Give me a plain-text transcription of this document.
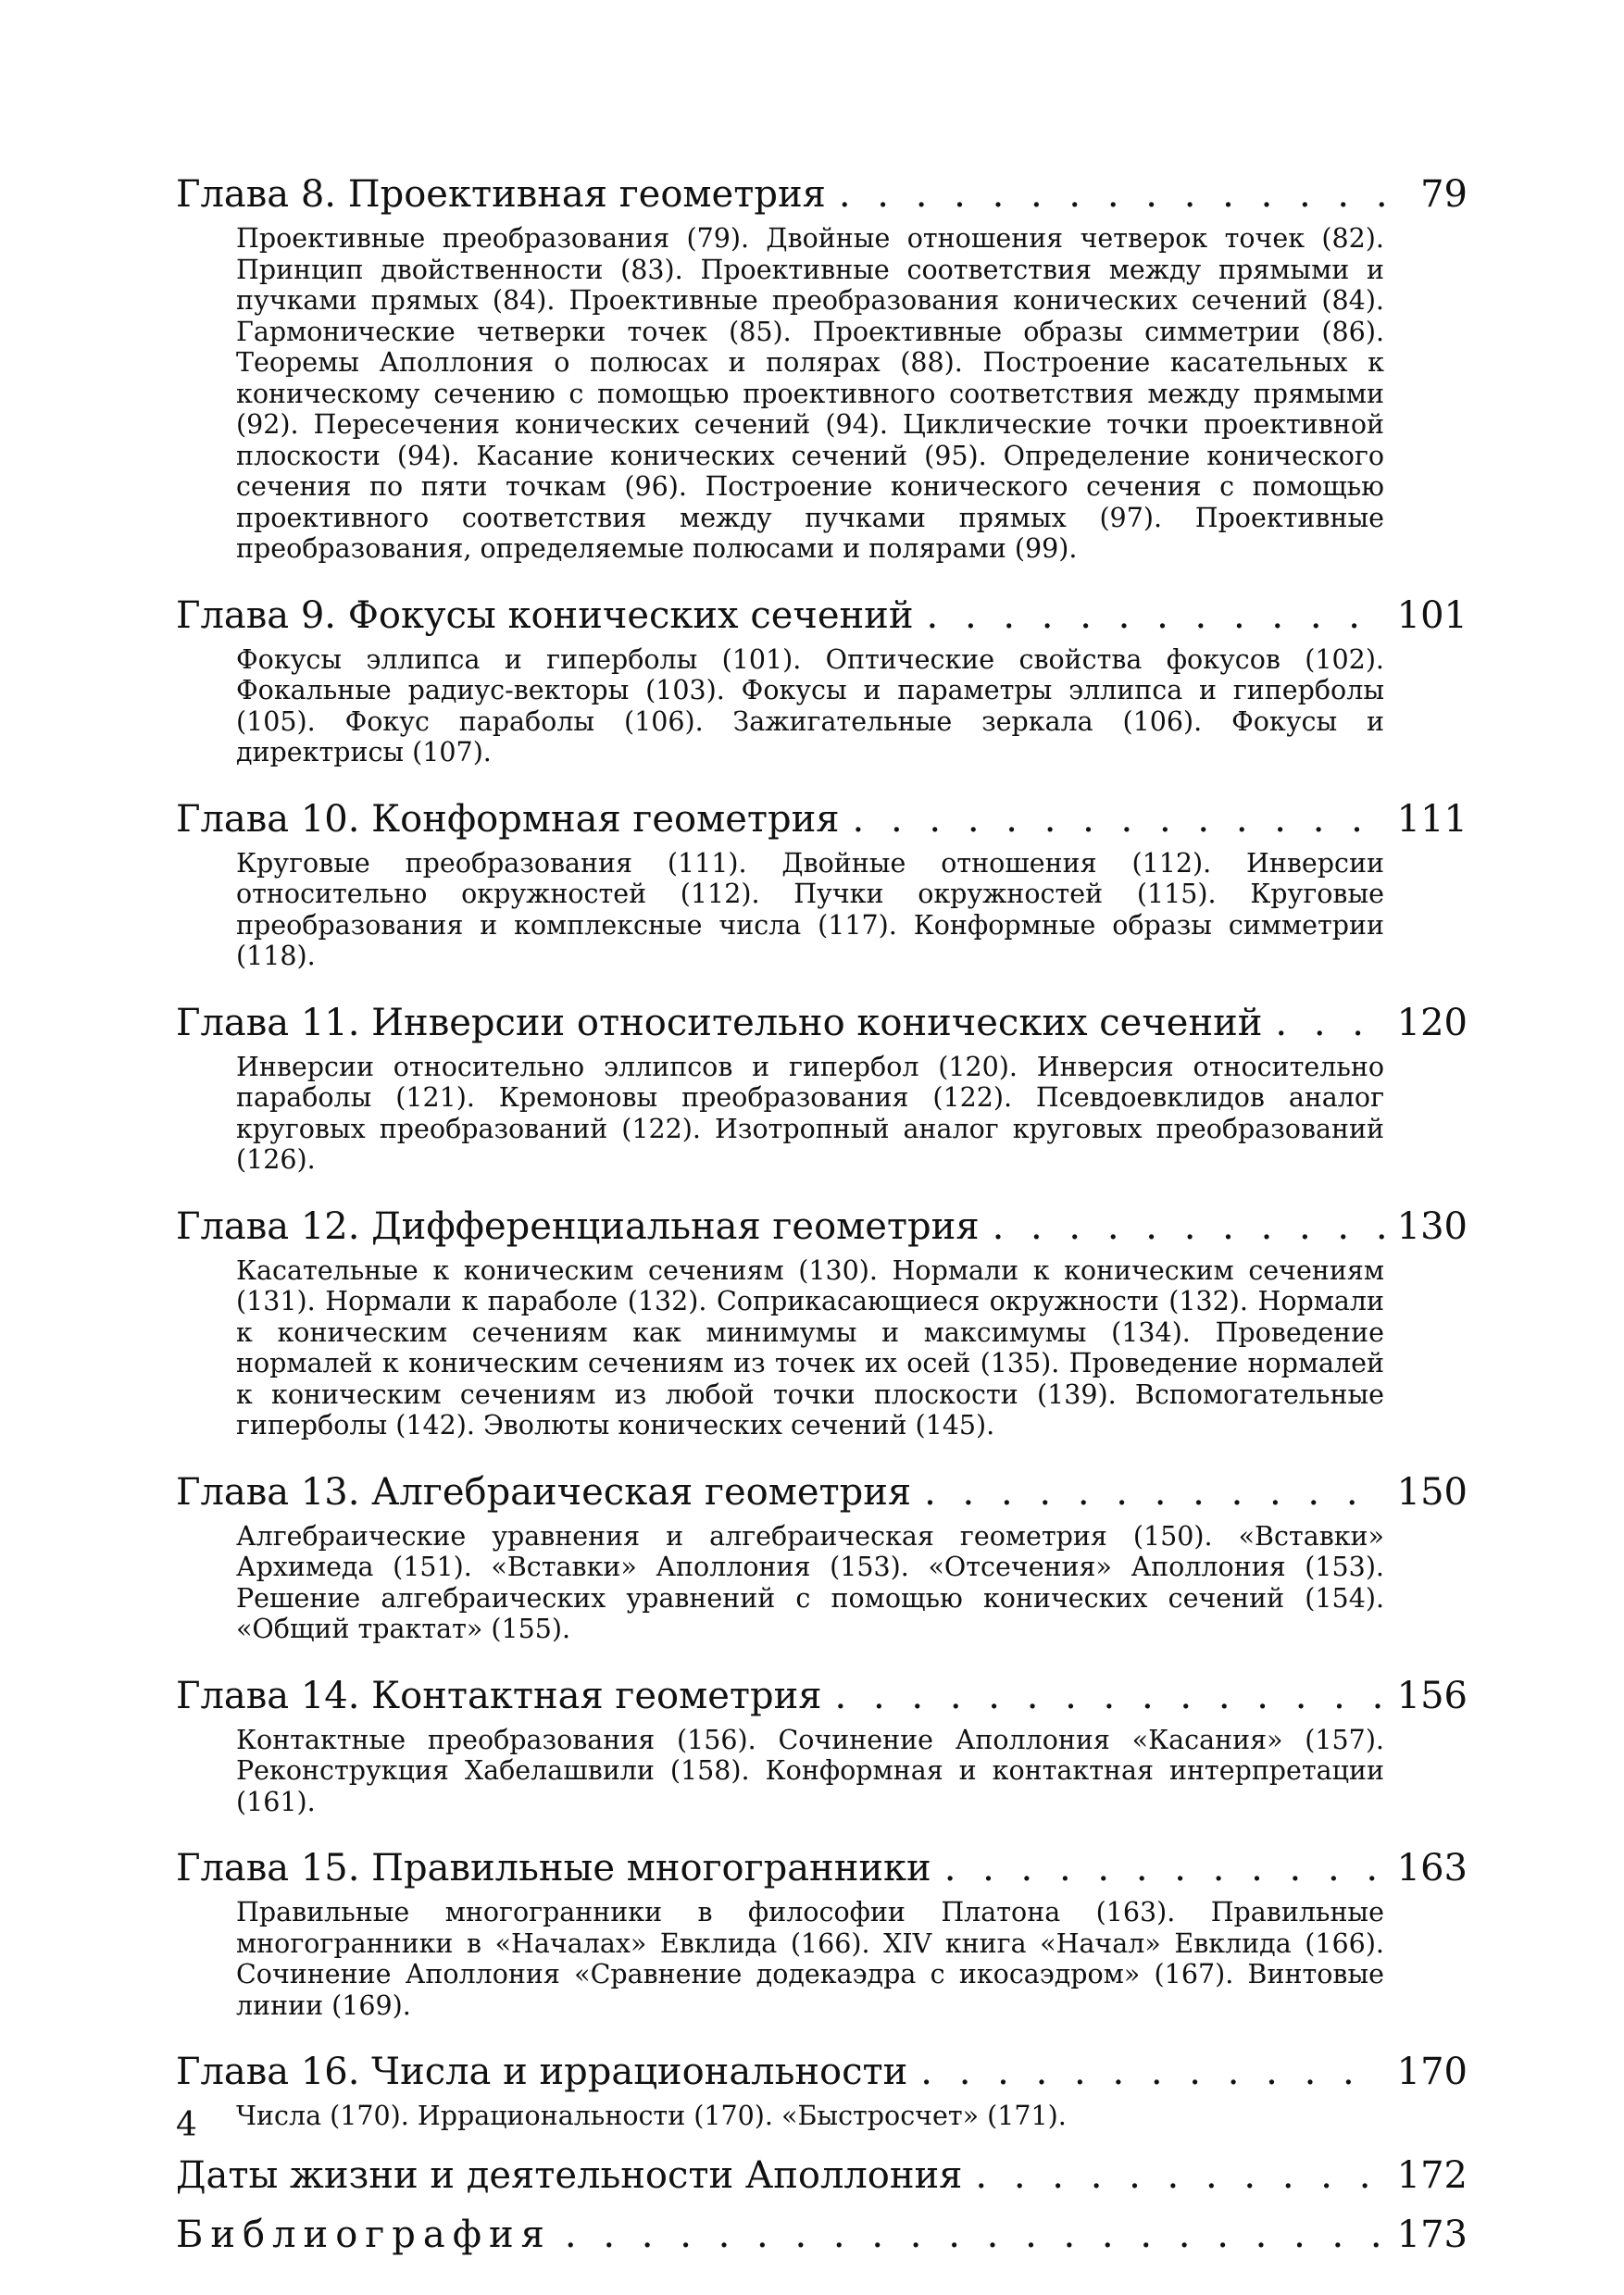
Глава 8. Проективная геометрия . . .	79
Проективные преобразования (79). Двойные отношения четверок точек (82). Принцип двойственности (83). Проективные соответствия между прямыми и пучками прямых (84). Проективные преобразования конических сечений (84). Гармонические четверки точек (85). Проективные образы симметрии (86). Теоремы Аполлония о полюсах и полярах (88). Построение касательных к коническому сечению с помощью проективного соответствия между прямыми (92). Пересечения конических сечений (94). Циклические точки проективной плоскости (94). Касание конических сечений (95). Определение конического сечения по пяти точкам (96). Построение конического сечения с помощью проективного соответствия между пучками прямых (97). Проективные преобразования, определяемые полюсами и полярами (99).
Глава 9. Фокусы конических сечений . . .	101
Фокусы эллипса и гиперболы (101). Оптические свойства фокусов (102). Фокальные радиус-векторы (103). Фокусы и параметры эллипса и гиперболы (105). Фокус параболы (106). Зажигательные зеркала (106). Фокусы и директрисы (107).
Глава 10. Конформная геометрия . . .	111
Круговые преобразования (111). Двойные отношения (112). Инверсии относительно окружностей (112). Пучки окружностей (115). Круговые преобразования и комплексные числа (117). Конформные образы симметрии (118).
Глава 11. Инверсии относительно конических сечений . . .	120
Инверсии относительно эллипсов и гипербол (120). Инверсия относительно параболы (121). Кремоновы преобразования (122). Псевдоевклидов аналог круговых преобразований (122). Изотропный аналог круговых преобразований (126).
Глава 12. Дифференциальная геометрия . . .	130
Касательные к коническим сечениям (130). Нормали к коническим сечениям (131). Нормали к параболе (132). Соприкасающиеся окружности (132). Нормали к коническим сечениям как минимумы и максимумы (134). Проведение нормалей к коническим сечениям из точек их осей (135). Проведение нормалей к коническим сечениям из любой точки плоскости (139). Вспомогательные гиперболы (142). Эволюты конических сечений (145).
Глава 13. Алгебраическая геометрия . . .	150
Алгебраические уравнения и алгебраическая геометрия (150). «Вставки» Архимеда (151). «Вставки» Аполлония (153). «Отсечения» Аполлония (153). Решение алгебраических уравнений с помощью конических сечений (154). «Общий трактат» (155).
Глава 14. Контактная геометрия . . .	156
Контактные преобразования (156). Сочинение Аполлония «Касания» (157). Реконструкция Хабелашвили (158). Конформная и контактная интерпретации (161).
Глава 15. Правильные многогранники . . .	163
Правильные многогранники в философии Платона (163). Правильные многогранники в «Началах» Евклида (166). XIV книга «Начал» Евклида (166). Сочинение Аполлония «Сравнение додекаэдра с икосаэдром» (167). Винтовые линии (169).
Глава 16. Числа и иррациональности . . .	170
Числа (170). Иррациональности (170). «Быстросчет» (171).
Даты жизни и деятельности Аполлония . . .	172
Библиография . . .	173
4
